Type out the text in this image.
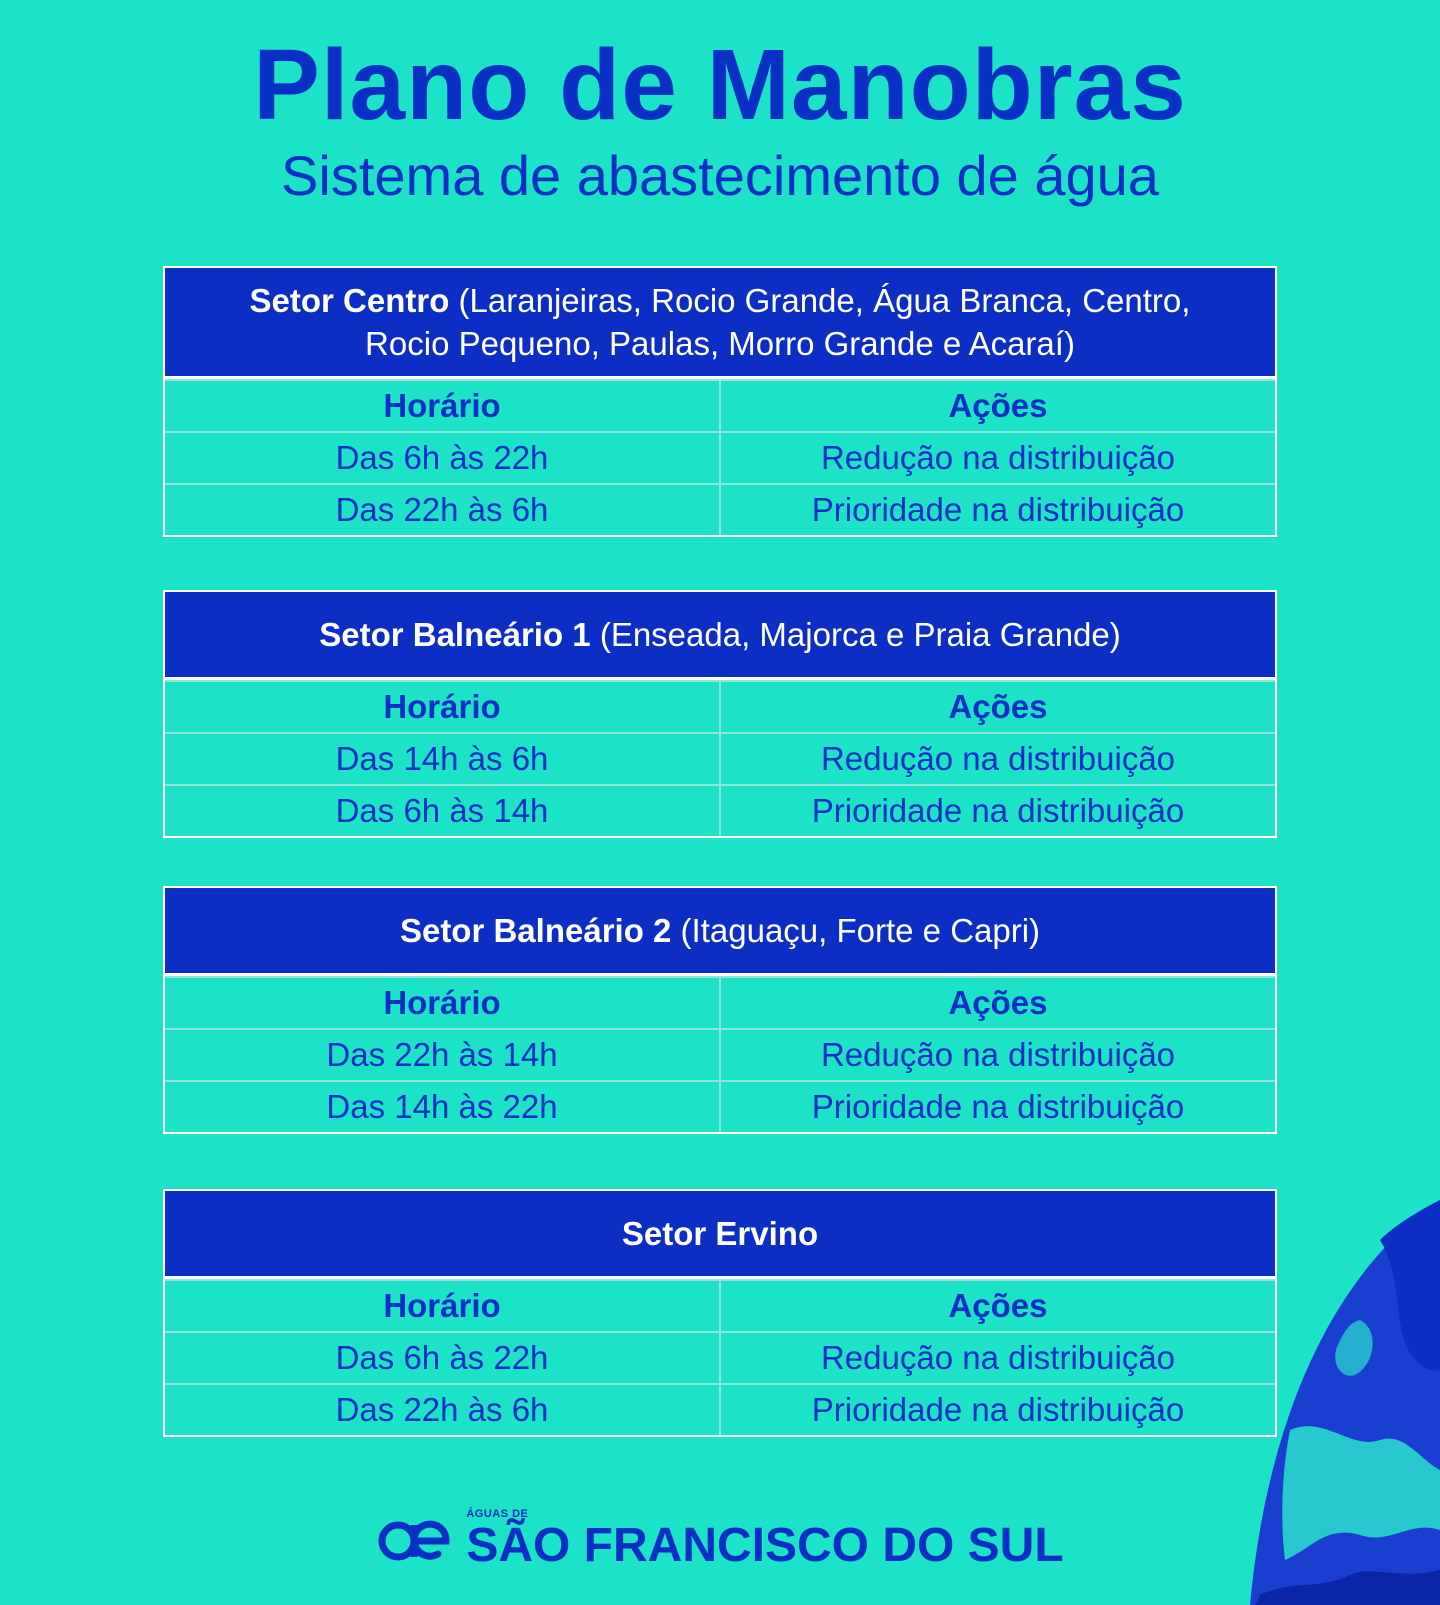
Plano de Manobras
Sistema de abastecimento de água
Setor Centro (Laranjeiras, Rocio Grande, Água Branca, Centro, Rocio Pequeno, Paulas, Morro Grande e Acaraí)
Horário	Ações
Das 6h às 22h	Redução na distribuição
Das 22h às 6h	Prioridade na distribuição
Setor Balneário 1 (Enseada, Majorca e Praia Grande)
Horário	Ações
Das 14h às 6h	Redução na distribuição
Das 6h às 14h	Prioridade na distribuição
Setor Balneário 2 (Itaguaçu, Forte e Capri)
Horário	Ações
Das 22h às 14h	Redução na distribuição
Das 14h às 22h	Prioridade na distribuição
Setor Ervino
Horário	Ações
Das 6h às 22h	Redução na distribuição
Das 22h às 6h	Prioridade na distribuição
ÁGUAS DE
SÃO FRANCISCO DO SUL
